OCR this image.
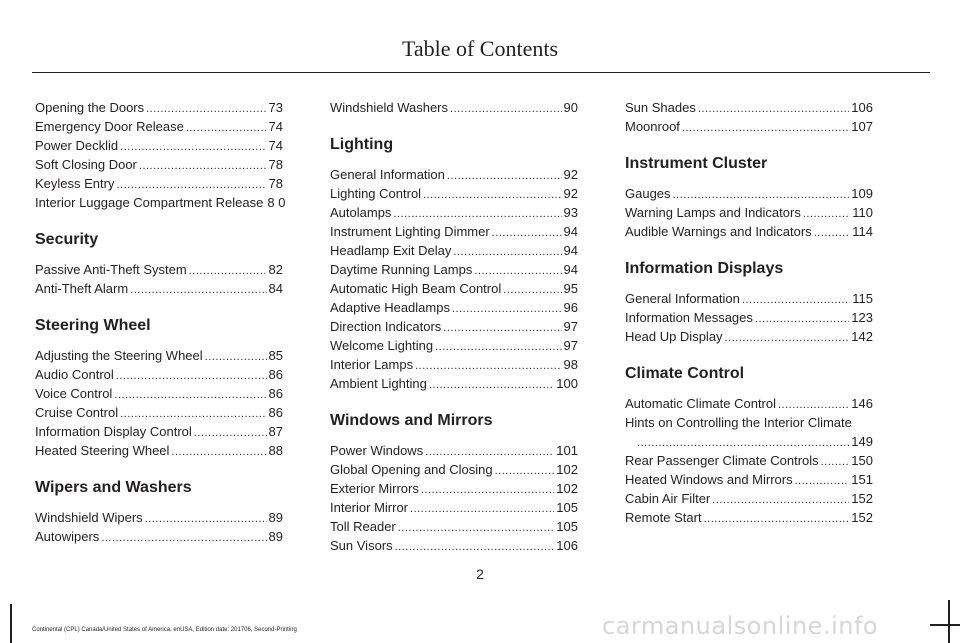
Table of Contents
Opening the Doors .....	73
Emergency Door Release .....	74
Power Decklid .....	74
Soft Closing Door .....	78
Keyless Entry .....	78
Interior Luggage Compartment Release 8 0
Security
Passive Anti-Theft System .....	82
Anti-Theft Alarm .....	84
Steering Wheel
Adjusting the Steering Wheel .....	85
Audio Control .....	86
Voice Control .....	86
Cruise Control .....	86
Information Display Control .....	87
Heated Steering Wheel .....	88
Wipers and Washers
Windshield Wipers .....	89
Autowipers .....	89
Windshield Washers .....	90
Lighting
General Information .....	92
Lighting Control .....	92
Autolamps .....	93
Instrument Lighting Dimmer .....	94
Headlamp Exit Delay .....	94
Daytime Running Lamps .....	94
Automatic High Beam Control .....	95
Adaptive Headlamps .....	96
Direction Indicators .....	97
Welcome Lighting .....	97
Interior Lamps .....	98
Ambient Lighting .....	100
Windows and Mirrors
Power Windows .....	101
Global Opening and Closing .....	102
Exterior Mirrors .....	102
Interior Mirror .....	105
Toll Reader .....	105
Sun Visors .....	106
Sun Shades .....	106
Moonroof .....	107
Instrument Cluster
Gauges .....	109
Warning Lamps and Indicators .....	110
Audible Warnings and Indicators .....	114
Information Displays
General Information .....	115
Information Messages .....	123
Head Up Display .....	142
Climate Control
Automatic Climate Control .....	146
Hints on Controlling the Interior Climate
.....
149
Rear Passenger Climate Controls .....	150
Heated Windows and Mirrors .....	151
Cabin Air Filter .....	152
Remote Start .....	152
2
Continental (CPL) Canada/United States of America, enUSA, Edition date: 201706, Second-Printing	carmanualsonline.info
